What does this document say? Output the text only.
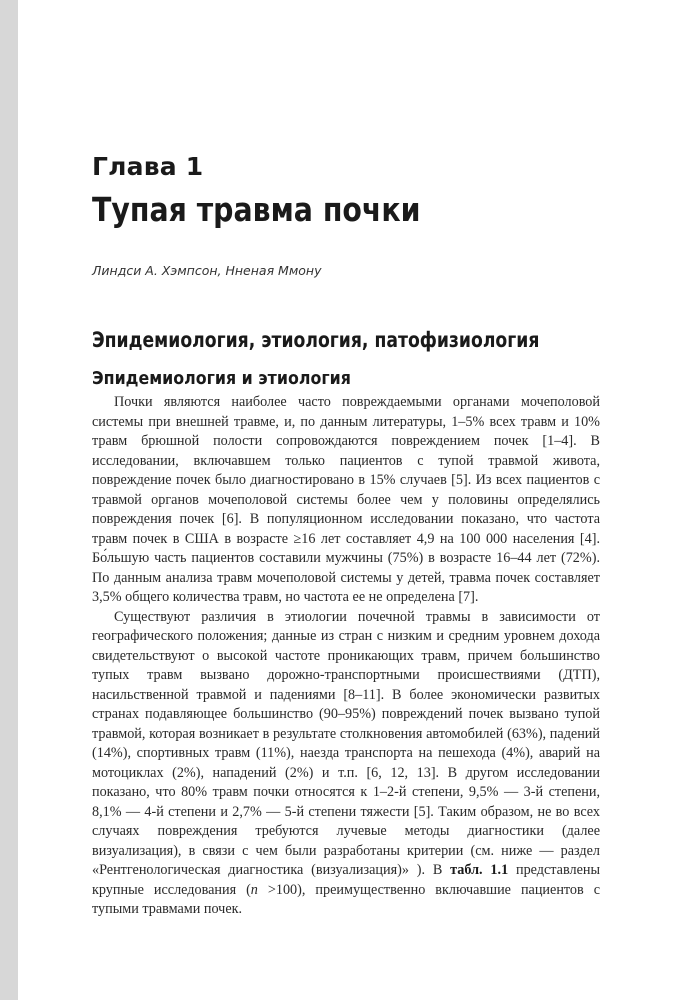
Глава 1
Тупая травма почки
Линдси А. Хэмпсон, Нненая Ммону
Эпидемиология, этиология, патофизиология
Эпидемиология и этиология

Почки являются наиболее часто повреждаемыми органами мочеполовой системы при внешней травме, и, по данным литературы, 1–5% всех травм и 10% травм брюшной полости сопровождаются повреждением почек [1–4]. В исследовании, включавшем только пациентов с тупой травмой живота, повреждение почек было диагностировано в 15% случаев [5]. Из всех пациентов с травмой органов мочеполовой системы более чем у половины определялись повреждения почек [6]. В популяционном исследовании показано, что частота травм почек в США в возрасте ≥16 лет составляет 4,9 на 100 000 населения [4]. Бо́льшую часть пациентов составили мужчины (75%) в возрасте 16–44 лет (72%). По данным анализа травм мочеполовой системы у детей, травма почек составляет 3,5% общего количества травм, но частота ее не определена [7].

Существуют различия в этиологии почечной травмы в зависимости от географического положения; данные из стран с низким и средним уровнем дохода свидетельствуют о высокой частоте проникающих травм, причем большинство тупых травм вызвано дорожно-транспортными происшествиями (ДТП), насильственной травмой и падениями [8–11]. В более экономически развитых странах подавляющее большинство (90–95%) повреждений почек вызвано тупой травмой, которая возникает в результате столкновения автомобилей (63%), падений (14%), спортивных травм (11%), наезда транспорта на пешехода (4%), аварий на мотоциклах (2%), нападений (2%) и т.п. [6, 12, 13]. В другом исследовании показано, что 80% травм почки относятся к 1–2-й степени, 9,5% — 3-й степени, 8,1% — 4-й степени и 2,7% — 5-й степени тяжести [5]. Таким образом, не во всех случаях повреждения требуются лучевые методы диагностики (далее визуализация), в связи с чем были разработаны критерии (см. ниже — раздел «Рентгенологическая диагностика (визуализация)» ). В табл. 1.1 представлены крупные исследования (n >100), преимущественно включавшие пациентов с тупыми травмами почек.
